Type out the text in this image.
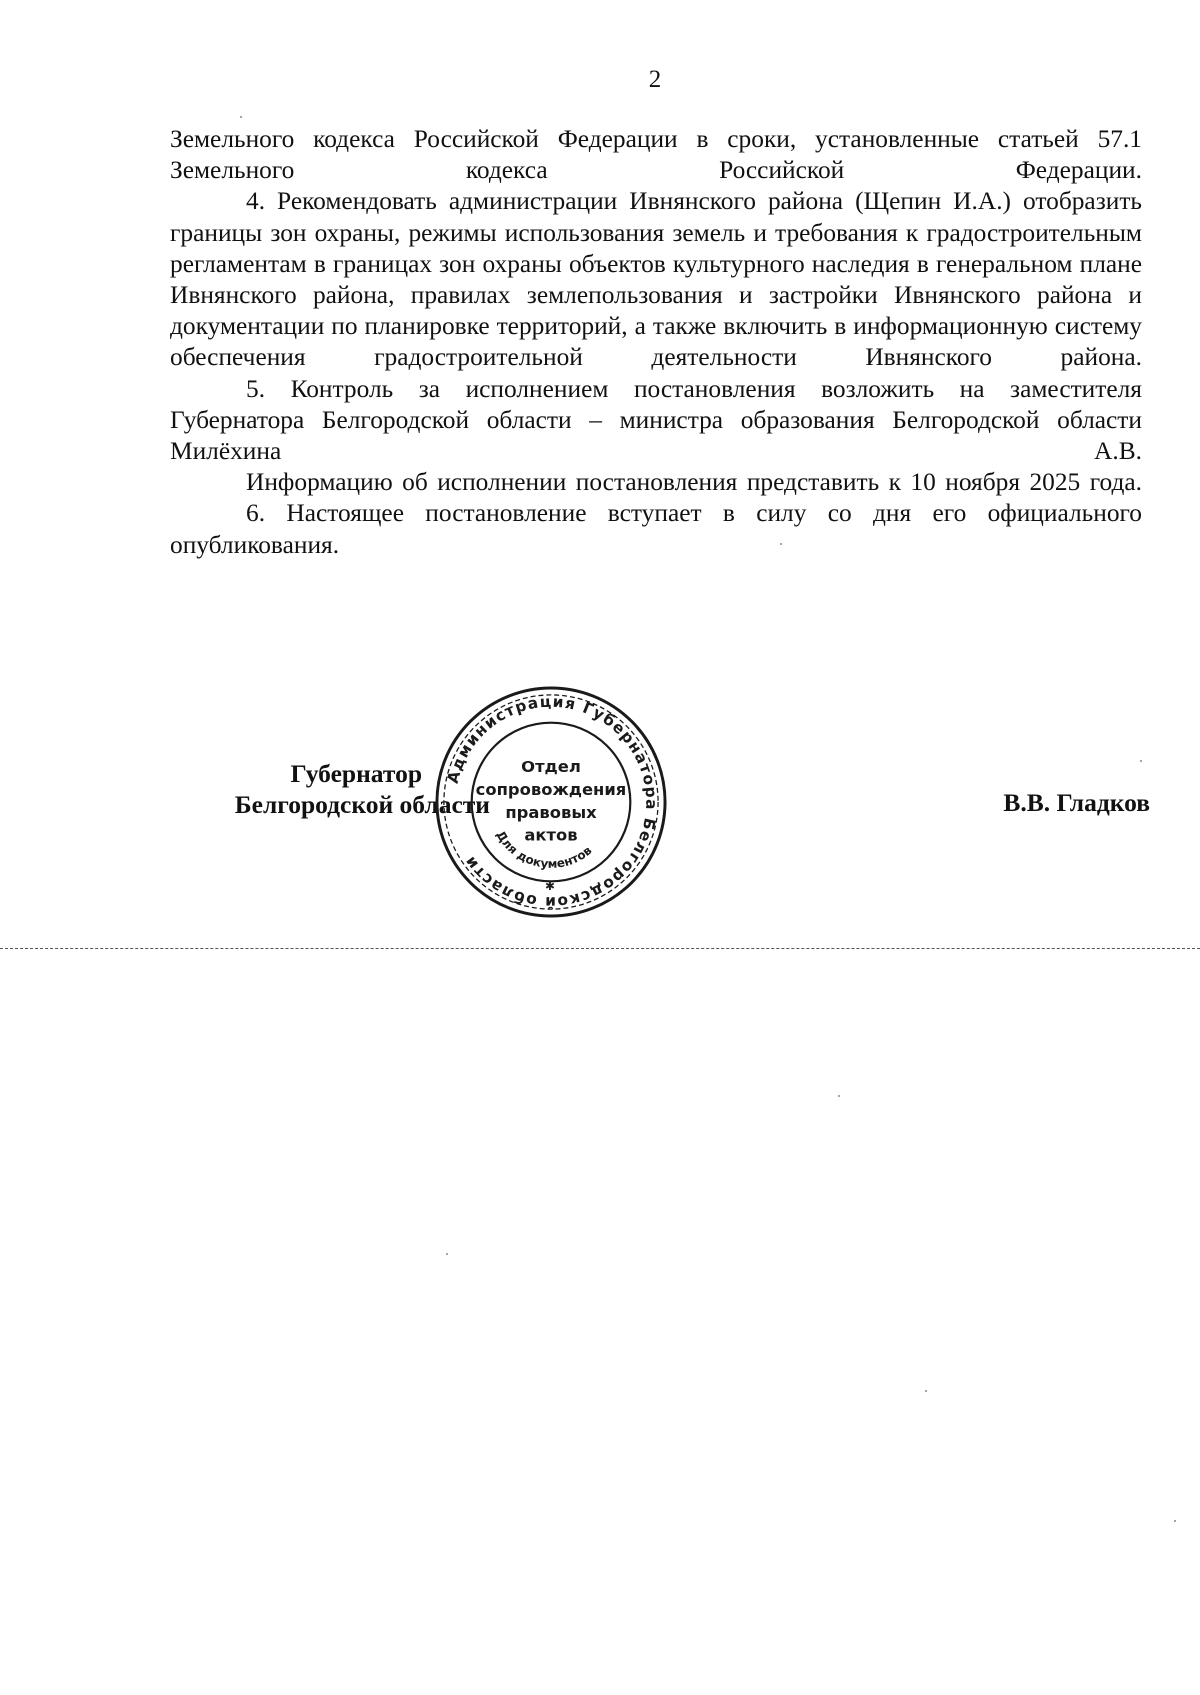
2

Земельного кодекса Российской Федерации в сроки, установленные статьей 57.1 Земельного кодекса Российской Федерации.

4. Рекомендовать администрации Ивнянского района (Щепин И.А.) отобразить границы зон охраны, режимы использования земель и требования к градостроительным регламентам в границах зон охраны объектов культурного наследия в генеральном плане Ивнянского района, правилах землепользования и застройки Ивнянского района и документации по планировке территорий, а также включить в информационную систему обеспечения градостроительной деятельности Ивнянского района.

5. Контроль за исполнением постановления возложить на заместителя Губернатора Белгородской области – министра образования Белгородской области Милёхина А.В.

Информацию об исполнении постановления представить к 10 ноября 2025 года.

6. Настоящее постановление вступает в силу со дня его официального опубликования.

Губернатор
Белгородской области
Администрация Губернатора Белгородской области
Отдел
сопровождения
правовых
актов
Для документов
✱
В.В. Гладков
